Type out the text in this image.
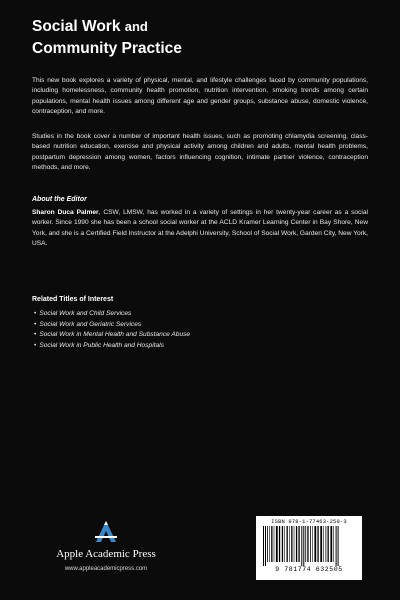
Social Work and
Community Practice
This new book explores a variety of physical, mental, and lifestyle challenges faced by community populations, including homelessness, community health promotion, nutrition intervention, smoking trends among certain populations, mental health issues among different age and gender groups, substance abuse, domestic violence, contraception, and more.
Studies in the book cover a number of important health issues, such as promoting chlamydia screening, class-based nutrition education, exercise and physical activity among children and adults, mental health problems, postpartum depression among women, factors influencing cognition, intimate partner violence, contraception methods, and more.
About the Editor
Sharon Duca Palmer, CSW, LMSW, has worked in a variety of settings in her twenty-year career as a social worker. Since 1990 she has been a school social worker at the ACLD Kramer Learning Center in Bay Shore, New York, and she is a Certified Field Instructor at the Adelphi University, School of Social Work, Garden City, New York, USA.
Related Titles of Interest
• Social Work and Child Services
• Social Work and Geriatric Services
• Social Work in Mental Health and Substance Abuse
• Social Work in Public Health and Hospitals
Apple Academic Press
www.appleacademicpress.com
ISBN 978-1-77463-250-3
9 781774 632505
